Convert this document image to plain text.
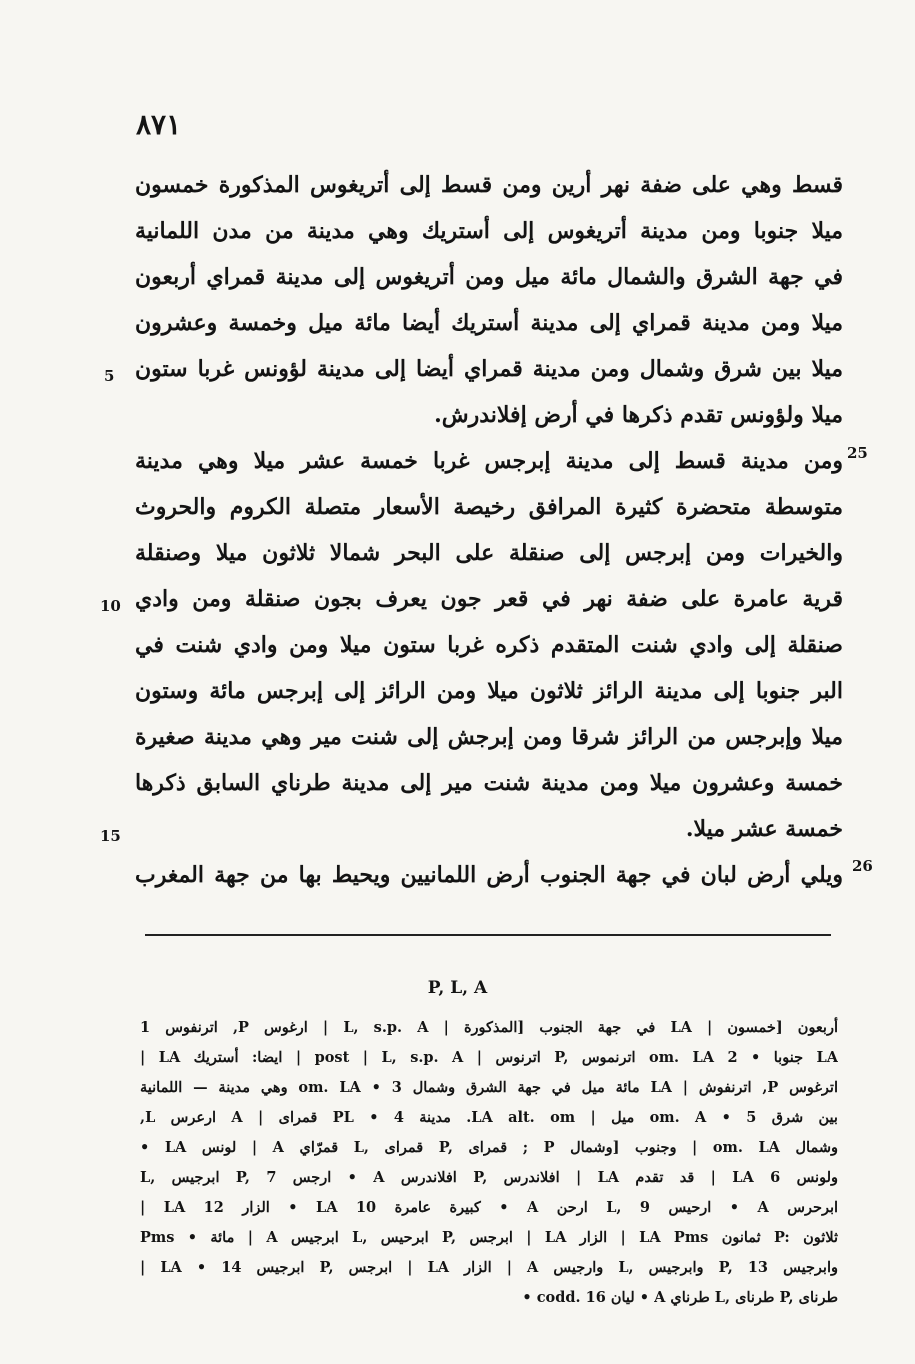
۸۷۱
قسط وهي على ضفة نهر أرين ومن قسط إلى أتريغوس المذكورة خمسون
ميلا جنوبا ومن مدينة أتريغوس إلى أستريك وهي مدينة من مدن اللمانية
في جهة الشرق والشمال مائة ميل ومن أتريغوس إلى مدينة قمراي أربعون
ميلا ومن مدينة قمراي إلى مدينة أستريك أيضا مائة ميل وخمسة وعشرون
ميلا بين شرق وشمال ومن مدينة قمراي أيضا إلى مدينة لؤونس غربا ستون
ميلا ولؤونس تقدم ذكرها في أرض إفلاندرش.
ومن مدينة قسط إلى مدينة إبرجس غربا خمسة عشر ميلا وهي مدينة
متوسطة متحضرة كثيرة المرافق رخيصة الأسعار متصلة الكروم والحروث
والخيرات ومن إبرجس إلى صنقلة على البحر شمالا ثلاثون ميلا وصنقلة
قرية عامرة على ضفة نهر في قعر جون يعرف بجون صنقلة ومن وادي
صنقلة إلى وادي شنت المتقدم ذكره غربا ستون ميلا ومن وادي شنت في
البر جنوبا إلى مدينة الرائز ثلاثون ميلا ومن الرائز إلى إبرجس مائة وستون
ميلا وإبرجس من الرائز شرقا ومن إبرجش إلى شنت مير وهي مدينة صغيرة
خمسة وعشرون ميلا ومن مدينة شنت مير إلى مدينة طرناي السابق ذكرها
خمسة عشر ميلا.
ويلي أرض لبان في جهة الجنوب أرض اللمانيين ويحيط بها من جهة المغرب
5
10
15
25
26
P, L, A
أربعون [خمسون | LA في جهة الجنوب [المذكورة | L, s.p. A | ارغوس P, اترنفوس 1
| LA ايضا: أستريك | post | L, s.p. A | اترنوس P, اترنموس om. LA 2 • جنوبا LA
اترغوس P, اترنفوش | LA مائة ميل في جهة الشرق وشمال 3 • om. LA وهي مدينة — اللمانية
بين شرق 5 • om. A ميل | LA alt. om. مدينة 4 • PL قمراى | A ارعرس L,
• LA لونس | A قمرّاي L, قمراى P, قمراى ; P وجنوب [وشمال | om. LA وشمال
L, ابرجيس P, ارجس 7 • A افلاندرس P, افلاندرس | LA قد تقدم | LA ولونس 6
| LA الزار 12 • LA كبيرة عامرة 10 • A ارحن L, ارحيس 9 • A ابرحرس
Pms • مائة | A ابرجيس L, ابرحيس P, ابرجس | LA الزار | LA Pms ثمانون P: ثلاثون
| LA • 14 ابرجيس P, ابرجس | LA الزار | A وارجيس L, وابرجيس P, وابرجيس 13
• codd. ليان 16 • A طرناي L, طرناى P, طرناى
